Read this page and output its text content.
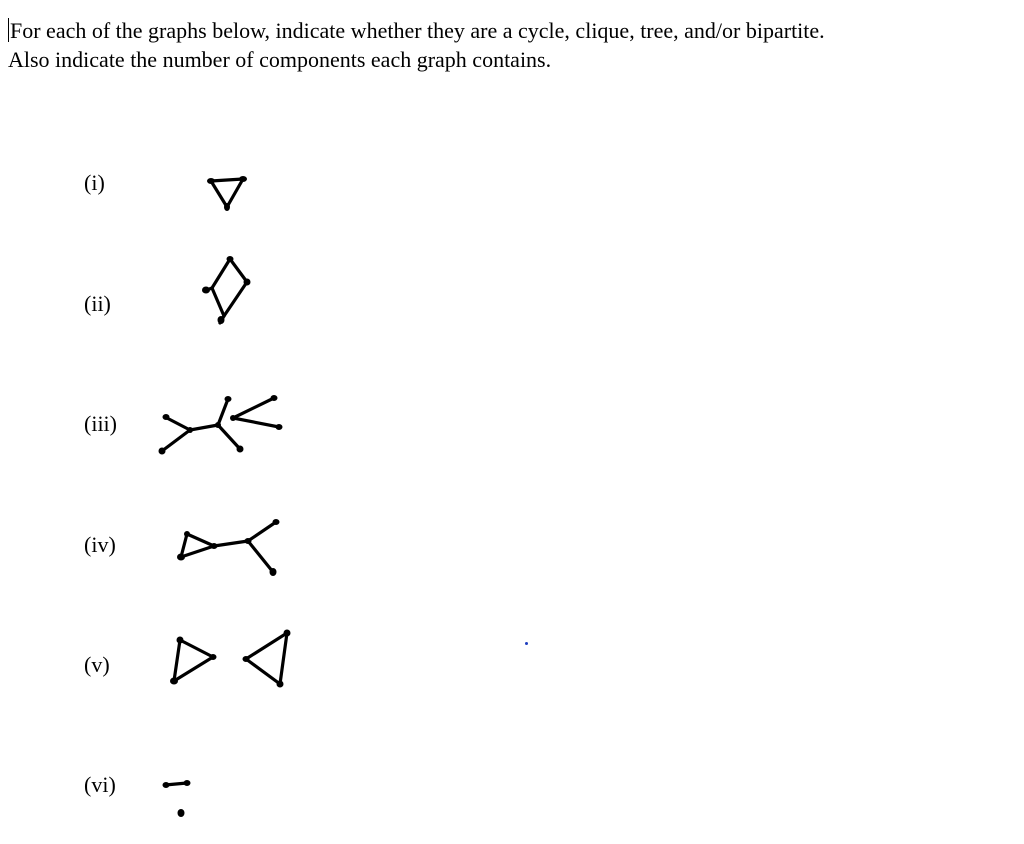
For each of the graphs below, indicate whether they are a cycle, clique, tree, and/or bipartite.

Also indicate the number of components each graph contains.

(i)
(ii)
(iii)
(iv)
(v)
(vi)
